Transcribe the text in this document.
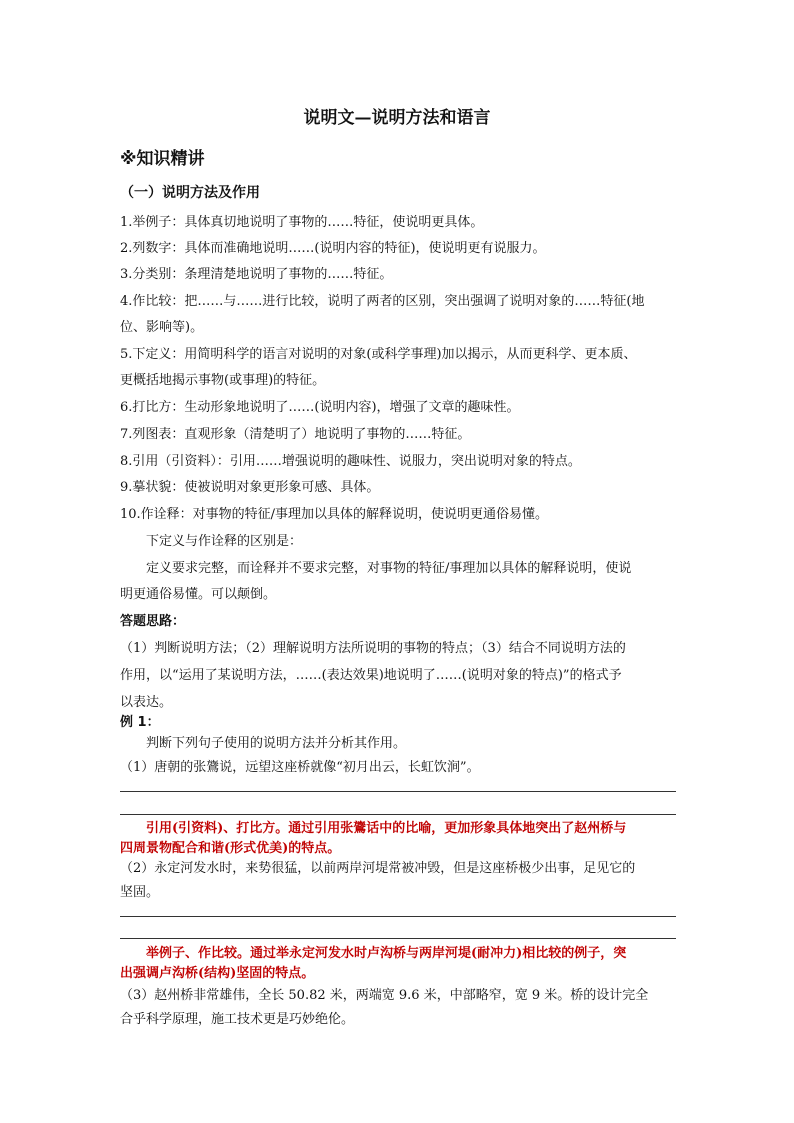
说明文—说明方法和语言
※知识精讲
（一）说明方法及作用
1.举例子：具体真切地说明了事物的……特征，使说明更具体。
2.列数字：具体而准确地说明……(说明内容的特征)，使说明更有说服力。
3.分类别：条理清楚地说明了事物的……特征。
4.作比较：把……与……进行比较，说明了两者的区别，突出强调了说明对象的……特征(地
位、影响等)。
5.下定义：用简明科学的语言对说明的对象(或科学事理)加以揭示，从而更科学、更本质、
更概括地揭示事物(或事理)的特征。
6.打比方：生动形象地说明了……(说明内容)，增强了文章的趣味性。
7.列图表：直观形象（清楚明了）地说明了事物的……特征。
8.引用（引资料）：引用……增强说明的趣味性、说服力，突出说明对象的特点。
9.摹状貌：使被说明对象更形象可感、具体。
10.作诠释：对事物的特征/事理加以具体的解释说明，使说明更通俗易懂。
下定义与作诠释的区别是：
定义要求完整，而诠释并不要求完整，对事物的特征/事理加以具体的解释说明，使说
明更通俗易懂。可以颠倒。
答题思路：
（1）判断说明方法；（2）理解说明方法所说明的事物的特点；（3）结合不同说明方法的
作用，以“运用了某说明方法，……(表达效果)地说明了……(说明对象的特点)”的格式予
以表达。
例 1：
判断下列句子使用的说明方法并分析其作用。
（1）唐朝的张鷟说，远望这座桥就像“初月出云，长虹饮涧”。
引用(引资料)、打比方。通过引用张鷟话中的比喻，更加形象具体地突出了赵州桥与
四周景物配合和谐(形式优美)的特点。
（2）永定河发水时，来势很猛，以前两岸河堤常被冲毁，但是这座桥极少出事，足见它的
坚固。
举例子、作比较。通过举永定河发水时卢沟桥与两岸河堤(耐冲力)相比较的例子，突
出强调卢沟桥(结构)坚固的特点。
（3）赵州桥非常雄伟，全长 50.82 米，两端宽 9.6 米，中部略窄，宽 9 米。桥的设计完全
合乎科学原理，施工技术更是巧妙绝伦。
